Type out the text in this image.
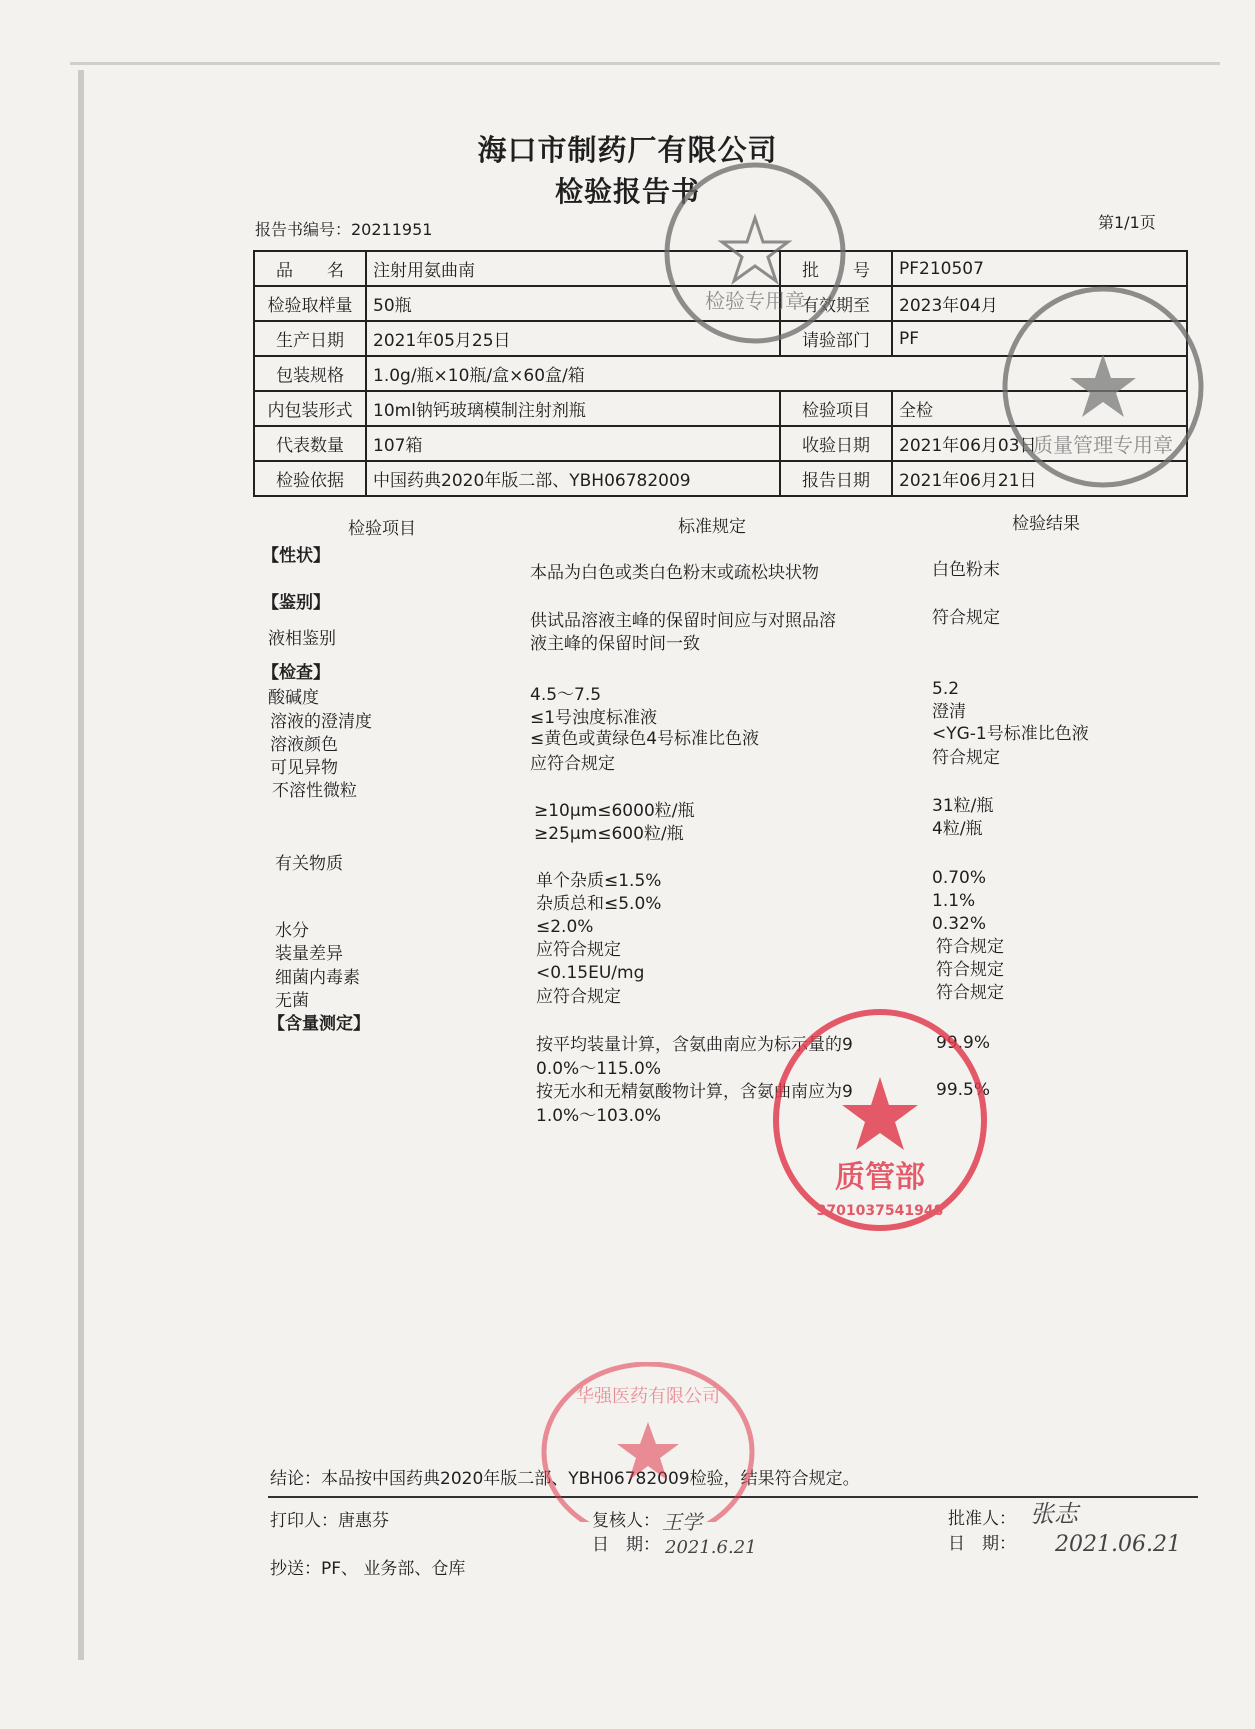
海口市制药厂有限公司
检验报告书
报告书编号：20211951	第1/1页
品　　名	注射用氨曲南	批　　号	PF210507
检验取样量	50瓶	有效期至	2023年04月
生产日期	2021年05月25日	请验部门	PF
包装规格	1.0g/瓶×10瓶/盒×60盒/箱		
内包装形式	10ml钠钙玻璃模制注射剂瓶	检验项目	全检
代表数量	107箱	收验日期	2021年06月03日
检验依据	中国药典2020年版二部、YBH06782009	报告日期	2021年06月21日
检验项目	标准规定	检验结果
【性状】
本品为白色或类白色粉末或疏松块状物	白色粉末
【鉴别】
液相鉴别
供试品溶液主峰的保留时间应与对照品溶
液主峰的保留时间一致
符合规定
【检查】
酸碱度	4.5～7.5	5.2
溶液的澄清度	≤1号浊度标准液	澄清
溶液颜色	≤黄色或黄绿色4号标准比色液	<YG-1号标准比色液
可见异物	应符合规定	符合规定
不溶性微粒
≥10μm≤6000粒/瓶	31粒/瓶
≥25μm≤600粒/瓶	4粒/瓶
有关物质
单个杂质≤1.5%	0.70%
杂质总和≤5.0%	1.1%
水分	≤2.0%	0.32%
装量差异	应符合规定	符合规定
细菌内毒素	<0.15EU/mg	符合规定
无菌	应符合规定	符合规定
【含量测定】
按平均装量计算，含氨曲南应为标示量的9
0.0%～115.0%
99.9%
按无水和无精氨酸物计算，含氨曲南应为9
1.0%～103.0%
99.5%
结论：本品按中国药典2020年版二部、YBH06782009检验，结果符合规定。
打印人：唐惠芬	复核人： 王学
日　期： 2021.6.21
批准人： 张志
日　期： 2021.06.21
抄送：PF、 业务部、仓库
检验专用章
质量管理专用章
质管部
3701037541948
华强医药有限公司
